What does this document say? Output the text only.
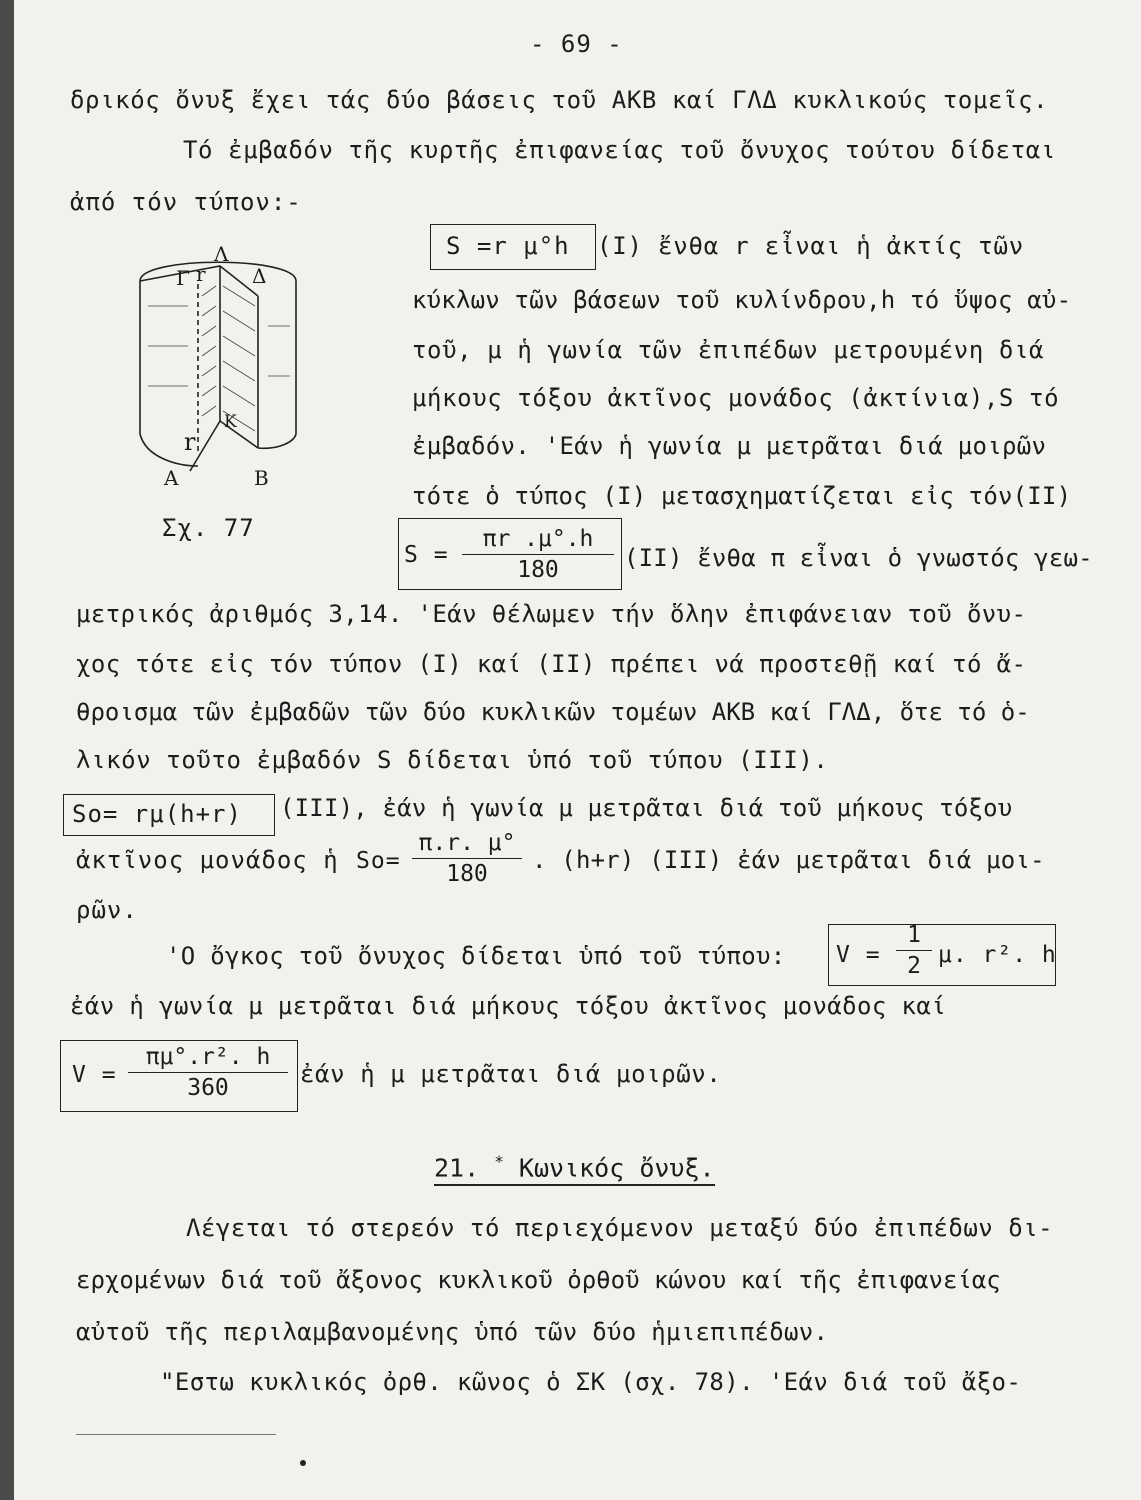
- 69 -
δρικός ὄνυξ ἔχει τάς δύο βάσεις τοῦ ΑΚΒ καί ΓΛΔ κυκλικούς τομεῖς.
Τό ἐμβαδόν τῆς κυρτῆς ἐπιφανείας τοῦ ὄνυχος τούτου δίδεται
ἀπό τόν τύπον:-
Λ
Γ r Δ
K
r
Α	Β
Σχ. 77
S =r μ°h (I) ἔνθα r εἶναι ἡ ἀκτίς τῶν
κύκλων τῶν βάσεων τοῦ κυλίνδρου,h τό ὕψος αὐ-
τοῦ, μ ἡ γωνία τῶν ἐπιπέδων μετρουμένη διά
μήκους τόξου ἀκτῖνος μονάδος (ἀκτίνια),S τό
ἐμβαδόν. 'Εάν ἡ γωνία μ μετρᾶται διά μοιρῶν
τότε ὁ τύπος (I) μετασχηματίζεται εἰς τόν(II)
S =
πr .μ°.h
180	(II) ἔνθα π εἶναι ὁ γνωστός γεω-
μετρικός ἀριθμός 3,14. 'Εάν θέλωμεν τήν ὅλην ἐπιφάνειαν τοῦ ὄνυ-
χος τότε εἰς τόν τύπον (I) καί (II) πρέπει νά προστεθῇ καί τό ἄ-
θροισμα τῶν ἐμβαδῶν τῶν δύο κυκλικῶν τομέων ΑΚΒ καί ΓΛΔ, ὅτε τό ὁ-
λικόν τοῦτο ἐμβαδόν S δίδεται ὑπό τοῦ τύπου (III).
So= rμ(h+r) (III), ἐάν ἡ γωνία μ μετρᾶται διά τοῦ μήκους τόξου
ἀκτῖνος μονάδος ἡ So=
π.r. μ°
180	. (h+r) (III) ἐάν μετρᾶται διά μοι-
ρῶν.
'Ο ὄγκος τοῦ ὄνυχος δίδεται ὑπό τοῦ τύπου: V =
1
2 μ. r². h
ἐάν ἡ γωνία μ μετρᾶται διά μήκους τόξου ἀκτῖνος μονάδος καί
V =
πμ°.r². h
360	ἐάν ἡ μ μετρᾶται διά μοιρῶν.
21. * Κωνικός ὄνυξ.
Λέγεται τό στερεόν τό περιεχόμενον μεταξύ δύο ἐπιπέδων δι-
ερχομένων διά τοῦ ἄξονος κυκλικοῦ ὀρθοῦ κώνου καί τῆς ἐπιφανείας
αὐτοῦ τῆς περιλαμβανομένης ὑπό τῶν δύο ἡμιεπιπέδων.
"Εστω κυκλικός ὀρθ. κῶνος ὁ ΣΚ (σχ. 78). 'Εάν διά τοῦ ἄξο-
